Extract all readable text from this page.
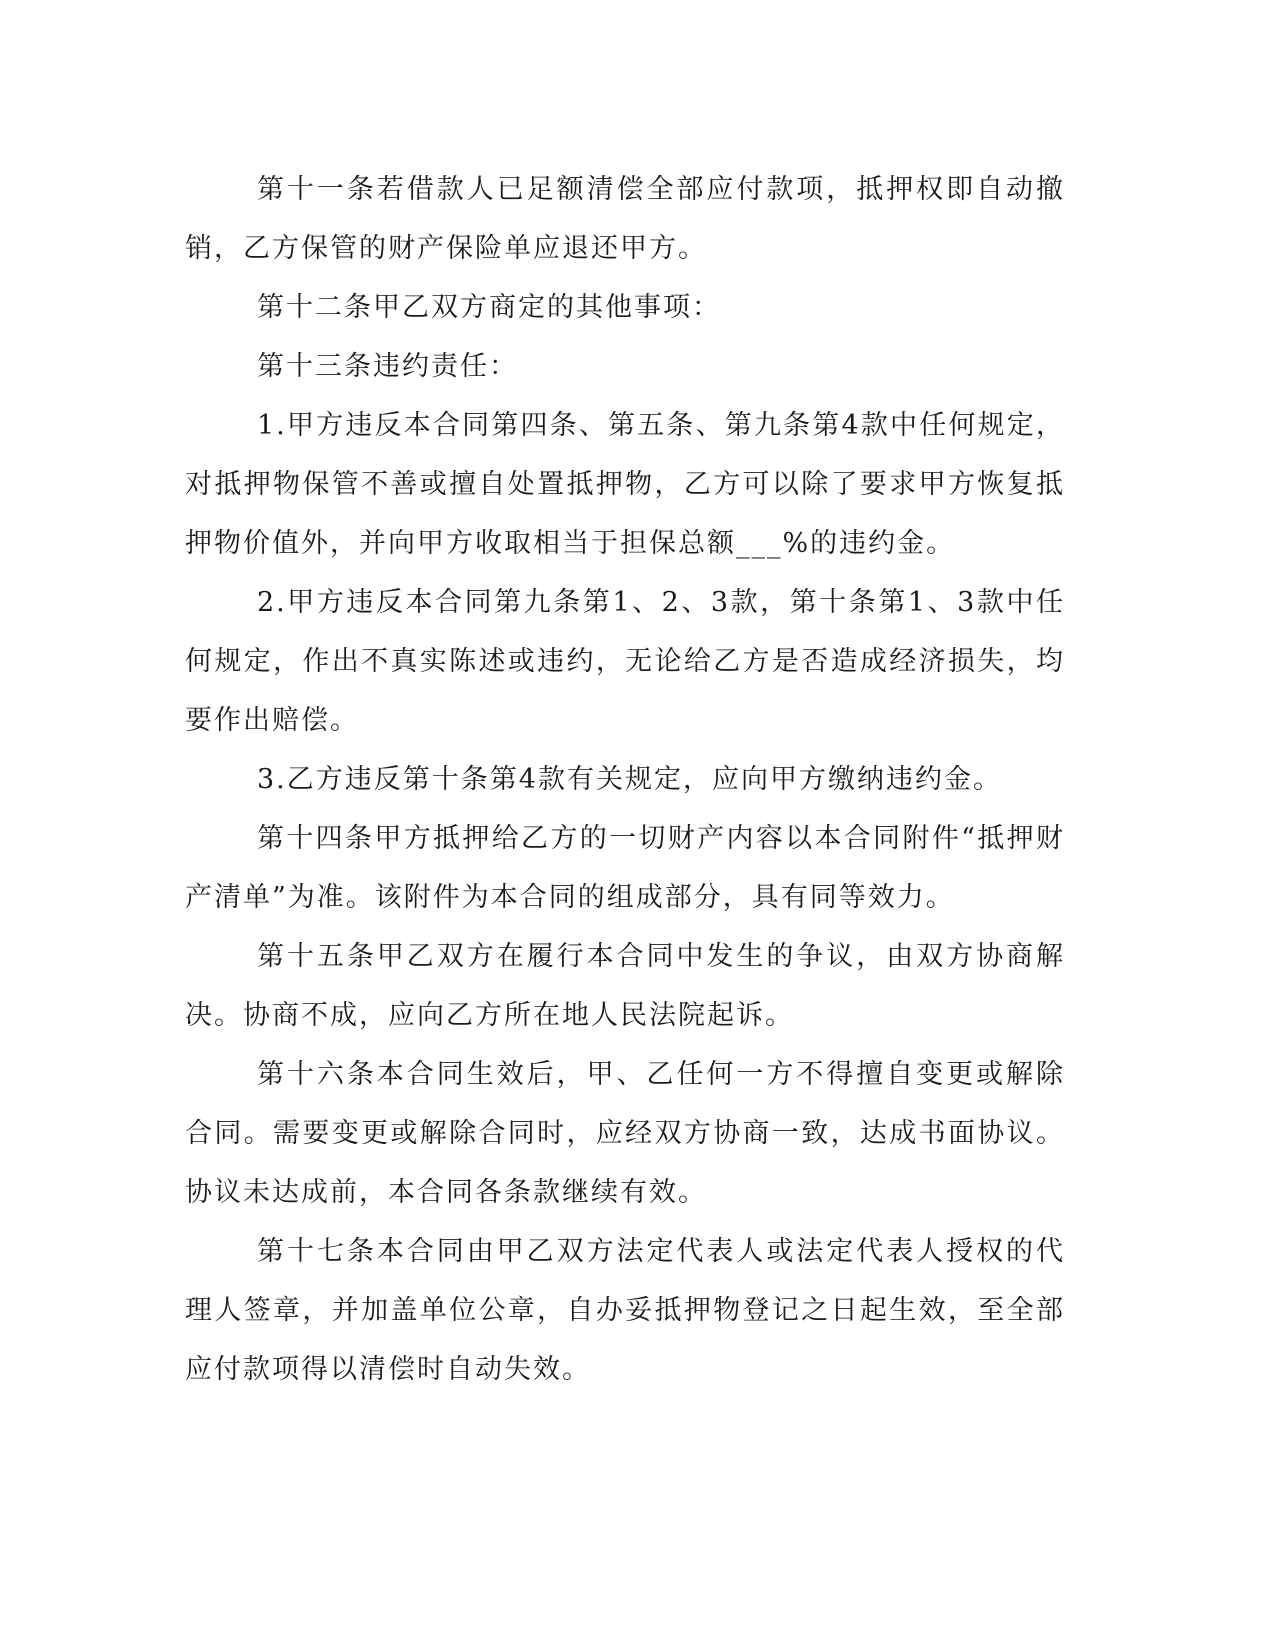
第十一条若借款人已足额清偿全部应付款项，抵押权即自动撤销，乙方保管的财产保险单应退还甲方。

第十二条甲乙双方商定的其他事项：

第十三条违约责任：

1.甲方违反本合同第四条、第五条、第九条第4款中任何规定，对抵押物保管不善或擅自处置抵押物，乙方可以除了要求甲方恢复抵押物价值外，并向甲方收取相当于担保总额___%的违约金。

2.甲方违反本合同第九条第1、2、3款，第十条第1、3款中任何规定，作出不真实陈述或违约，无论给乙方是否造成经济损失，均要作出赔偿。

3.乙方违反第十条第4款有关规定，应向甲方缴纳违约金。

第十四条甲方抵押给乙方的一切财产内容以本合同附件“抵押财产清单”为准。该附件为本合同的组成部分，具有同等效力。

第十五条甲乙双方在履行本合同中发生的争议，由双方协商解决。协商不成，应向乙方所在地人民法院起诉。

第十六条本合同生效后，甲、乙任何一方不得擅自变更或解除合同。需要变更或解除合同时，应经双方协商一致，达成书面协议。协议未达成前，本合同各条款继续有效。

第十七条本合同由甲乙双方法定代表人或法定代表人授权的代理人签章，并加盖单位公章，自办妥抵押物登记之日起生效，至全部应付款项得以清偿时自动失效。
